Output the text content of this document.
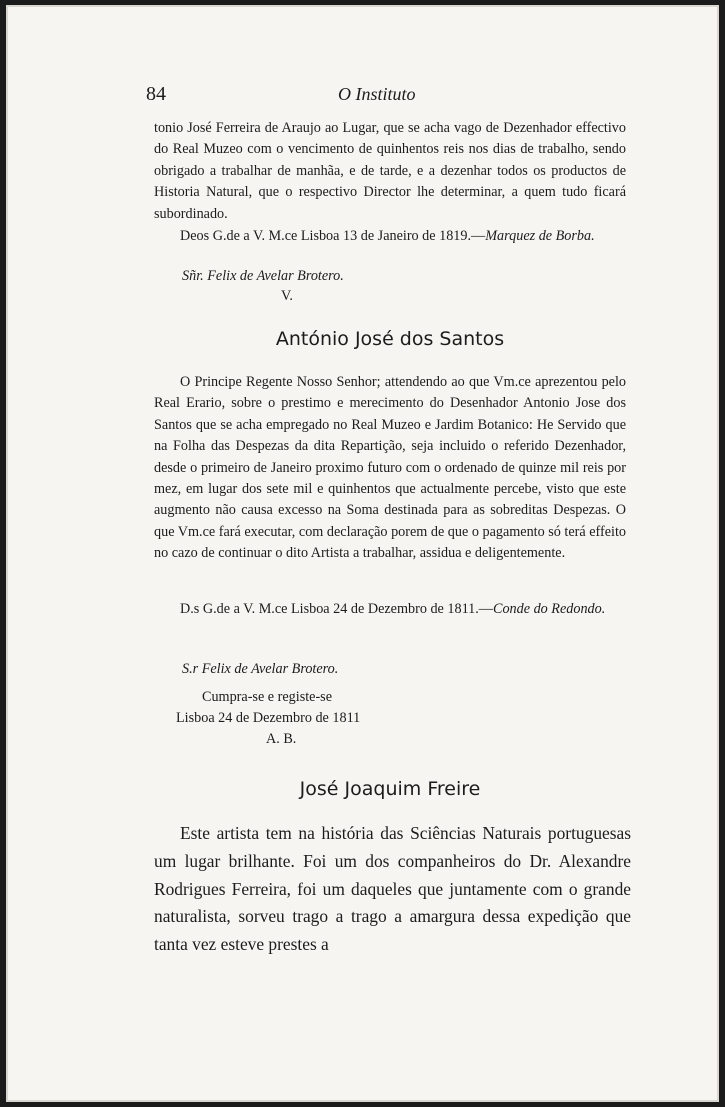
84	O Instituto

tonio José Ferreira de Araujo ao Lugar, que se acha vago de Dezenhador effectivo do Real Muzeo com o vencimento de quinhentos reis nos dias de trabalho, sendo obrigado a trabalhar de manhãa, e de tarde, e a dezenhar todos os productos de Historia Natural, que o respectivo Director lhe determinar, a quem tudo ficará subordinado.

Deos G.de a V. M.ce Lisboa 13 de Janeiro de 1819.—Marquez de Borba.

Sñr. Felix de Avelar Brotero.

V.

António José dos Santos

O Principe Regente Nosso Senhor; attendendo ao que Vm.ce aprezentou pelo Real Erario, sobre o prestimo e merecimento do Desenhador Antonio Jose dos Santos que se acha empregado no Real Muzeo e Jardim Botanico: He Servido que na Folha das Despezas da dita Repartição, seja incluido o referido Dezenhador, desde o primeiro de Janeiro proximo futuro com o ordenado de quinze mil reis por mez, em lugar dos sete mil e quinhentos que actualmente percebe, visto que este augmento não causa excesso na Soma destinada para as sobreditas Despezas. O que Vm.ce fará executar, com declaração porem de que o pagamento só terá effeito no cazo de continuar o dito Artista a trabalhar, assidua e deligentemente.

D.s G.de a V. M.ce Lisboa 24 de Dezembro de 1811.—Conde do Redondo.

S.r Felix de Avelar Brotero.

Cumpra-se e registe-se

Lisboa 24 de Dezembro de 1811

A. B.

José Joaquim Freire

Este artista tem na história das Sciências Naturais portuguesas um lugar brilhante. Foi um dos companheiros do Dr. Alexandre Rodrigues Ferreira, foi um daqueles que juntamente com o grande naturalista, sorveu trago a trago a amargura dessa expedição que tanta vez esteve prestes a
